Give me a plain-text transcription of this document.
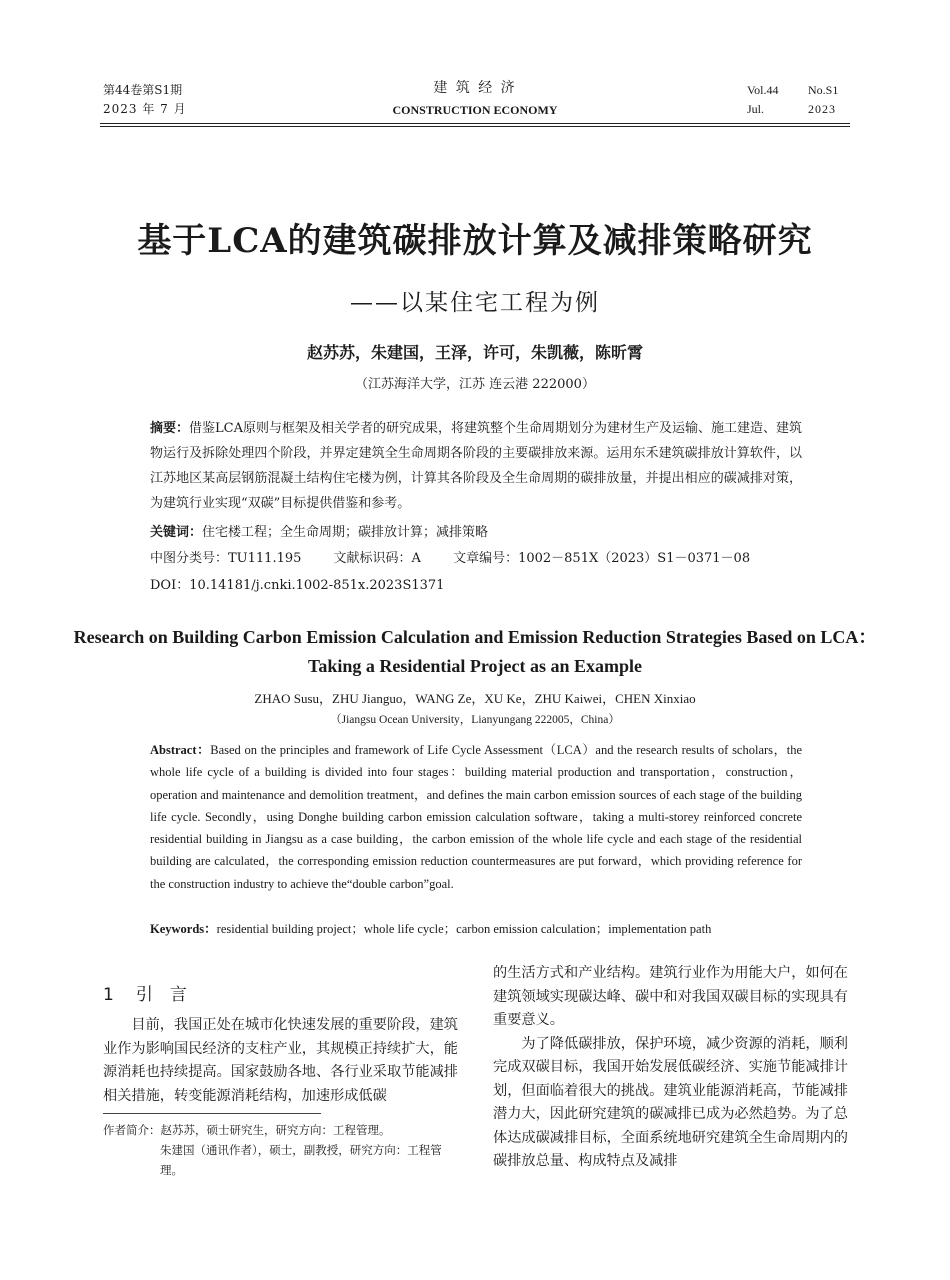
第44卷第S1期
2023 年 7 月
建 筑 经 济
CONSTRUCTION ECONOMY
Vol.44 No.S1
Jul.	2023
基于LCA的建筑碳排放计算及减排策略研究
——以某住宅工程为例
赵苏苏，朱建国，王泽，许可，朱凯薇，陈昕霄
（江苏海洋大学，江苏 连云港 222000）
摘要：借鉴LCA原则与框架及相关学者的研究成果，将建筑整个生命周期划分为建材生产及运输、施工建造、建筑物运行及拆除处理四个阶段，并界定建筑全生命周期各阶段的主要碳排放来源。运用东禾建筑碳排放计算软件，以江苏地区某高层钢筋混凝土结构住宅楼为例，计算其各阶段及全生命周期的碳排放量，并提出相应的碳减排对策，为建筑行业实现“双碳”目标提供借鉴和参考。
关键词：住宅楼工程；全生命周期；碳排放计算；减排策略
中图分类号：TU111.195 文献标识码：A 文章编号：1002－851X（2023）S1－0371－08
DOI：10.14181/j.cnki.1002-851x.2023S1371
Research on Building Carbon Emission Calculation and Emission Reduction Strategies Based on LCA：Taking a Residential Project as an Example
ZHAO Susu，ZHU Jianguo，WANG Ze，XU Ke，ZHU Kaiwei，CHEN Xinxiao
（Jiangsu Ocean University，Lianyungang 222005，China）
Abstract：Based on the principles and framework of Life Cycle Assessment（LCA）and the research results of scholars，the whole life cycle of a building is divided into four stages：building material production and transportation，construction，operation and maintenance and demolition treatment，and defines the main carbon emission sources of each stage of the building life cycle. Secondly，using Donghe building carbon emission calculation software，taking a multi-storey reinforced concrete residential building in Jiangsu as a case building，the carbon emission of the whole life cycle and each stage of the residential building are calculated，the corresponding emission reduction countermeasures are put forward，which providing reference for the construction industry to achieve the“double carbon”goal.
Keywords：residential building project；whole life cycle；carbon emission calculation；implementation path
1 引　言

目前，我国正处在城市化快速发展的重要阶段，建筑业作为影响国民经济的支柱产业，其规模正持续扩大，能源消耗也持续提高。国家鼓励各地、各行业采取节能减排相关措施，转变能源消耗结构，加速形成低碳

的生活方式和产业结构。建筑行业作为用能大户，如何在建筑领域实现碳达峰、碳中和对我国双碳目标的实现具有重要意义。

为了降低碳排放，保护环境，减少资源的消耗，顺利完成双碳目标，我国开始发展低碳经济、实施节能减排计划，但面临着很大的挑战。建筑业能源消耗高，节能减排潜力大，因此研究建筑的碳减排已成为必然趋势。为了总体达成碳减排目标，全面系统地研究建筑全生命周期内的碳排放总量、构成特点及减排

作者简介：赵苏苏，硕士研究生，研究方向：工程管理。
朱建国（通讯作者），硕士，副教授，研究方向：工程管理。
